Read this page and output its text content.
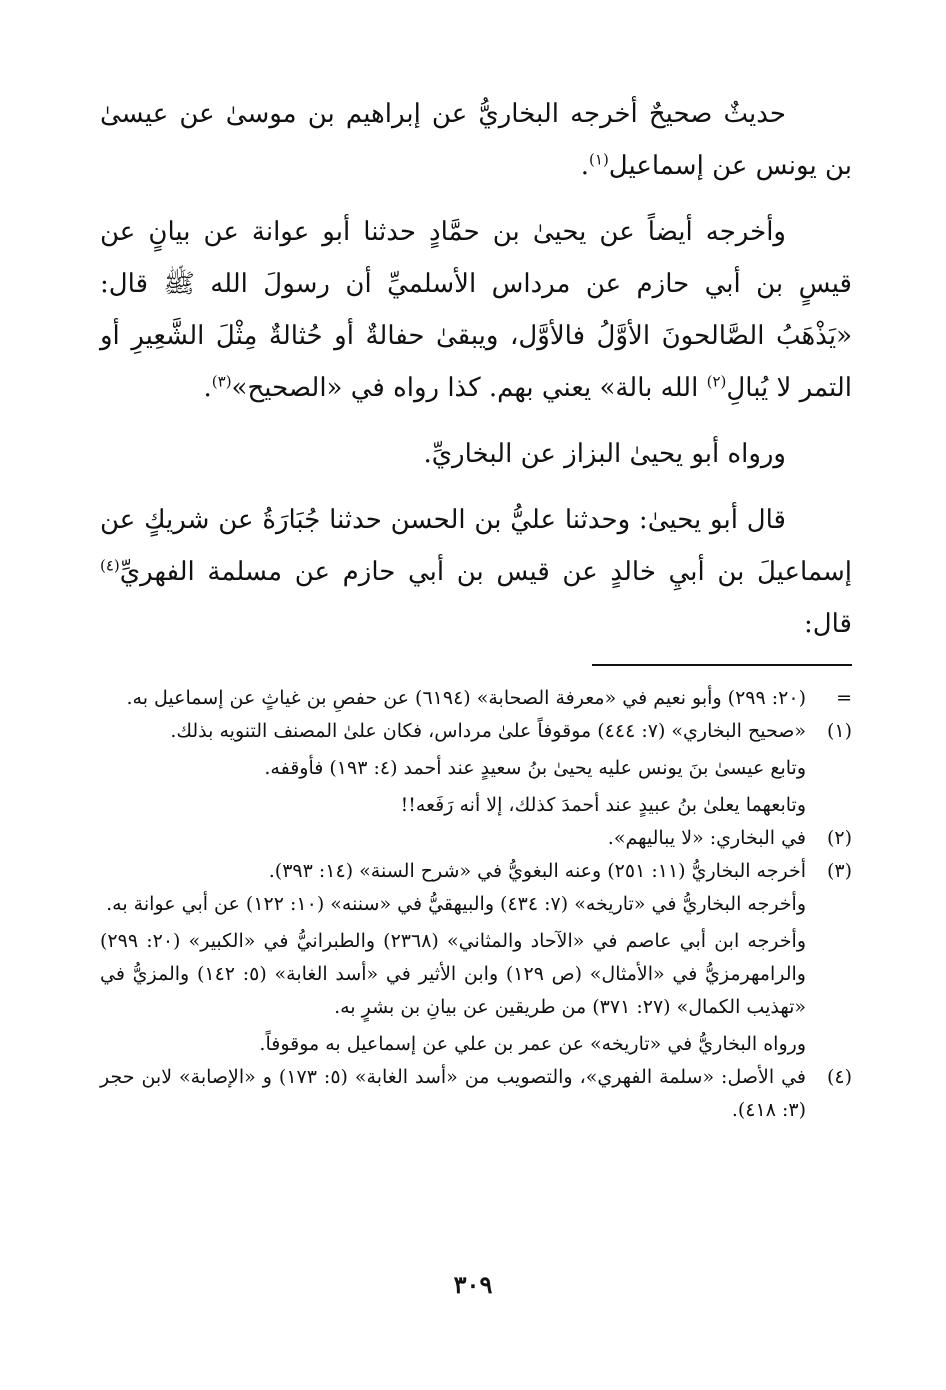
حديثٌ صحيحٌ أخرجه البخاريُّ عن إبراهيم بن موسىٰ عن عيسىٰ بن يونس عن إسماعيل$^{(١)}$.

وأخرجه أيضاً عن يحيىٰ بن حمَّادٍ حدثنا أبو عوانة عن بيانٍ عن قيسٍ بن أبي حازم عن مرداس الأسلميِّ أن رسولَ الله ﷺ قال: «يَذْهَبُ الصَّالحونَ الأوَّلُ فالأوَّل، ويبقىٰ حفالةٌ أو حُثالةٌ مِثْلَ الشَّعِيرِ أو التمر لا يُبالِ$^{(٢)}$ الله بالة» يعني بهم. كذا رواه في «الصحيح»$^{(٣)}$.

ورواه أبو يحيىٰ البزاز عن البخاريِّ.

قال أبو يحيىٰ: وحدثنا عليُّ بن الحسن حدثنا جُبَارَةُ عن شريكٍ عن إسماعيلَ بن أبيِ خالدٍ عن قيس بن أبي حازم عن مسلمة الفهريِّ$^{(٤)}$ قال:

=

(٢٠: ٢٩٩) وأبو نعيم في «معرفة الصحابة» (٦١٩٤) عن حفصِ بن غياثٍ عن إسماعيل به.

(١)

«صحيح البخاري» (٧: ٤٤٤) موقوفاً علىٰ مرداس، فكان علىٰ المصنف التنويه بذلك.

وتابع عيسىٰ بنَ يونس عليه يحيىٰ بنُ سعيدٍ عند أحمد (٤: ١٩٣) فأوقفه.

وتابعهما يعلىٰ بنُ عبيدٍ عند أحمدَ كذلك، إلا أنه رَفَعه!!

(٢)

في البخاري: «لا يباليهم».

(٣)

أخرجه البخاريُّ (١١: ٢٥١) وعنه البغويُّ في «شرح السنة» (١٤: ٣٩٣).

وأخرجه البخاريُّ في «تاريخه» (٧: ٤٣٤) والبيهقيُّ في «سننه» (١٠: ١٢٢) عن أبي عوانة به.

وأخرجه ابن أبي عاصم في «الآحاد والمثاني» (٢٣٦٨) والطبرانيُّ في «الكبير» (٢٠: ٢٩٩) والرامهرمزيُّ في «الأمثال» (ص ١٢٩) وابن الأثير في «أسد الغابة» (٥: ١٤٢) والمزيُّ في «تهذيب الكمال» (٢٧: ٣٧١) من طريقين عن بيانِ بن بشرٍ به.

ورواه البخاريُّ في «تاريخه» عن عمر بن علي عن إسماعيل به موقوفاً.

(٤)

في الأصل: «سلمة الفهري»، والتصويب من «أسد الغابة» (٥: ١٧٣) و «الإصابة» لابن حجر (٣: ٤١٨).

٣٠٩
